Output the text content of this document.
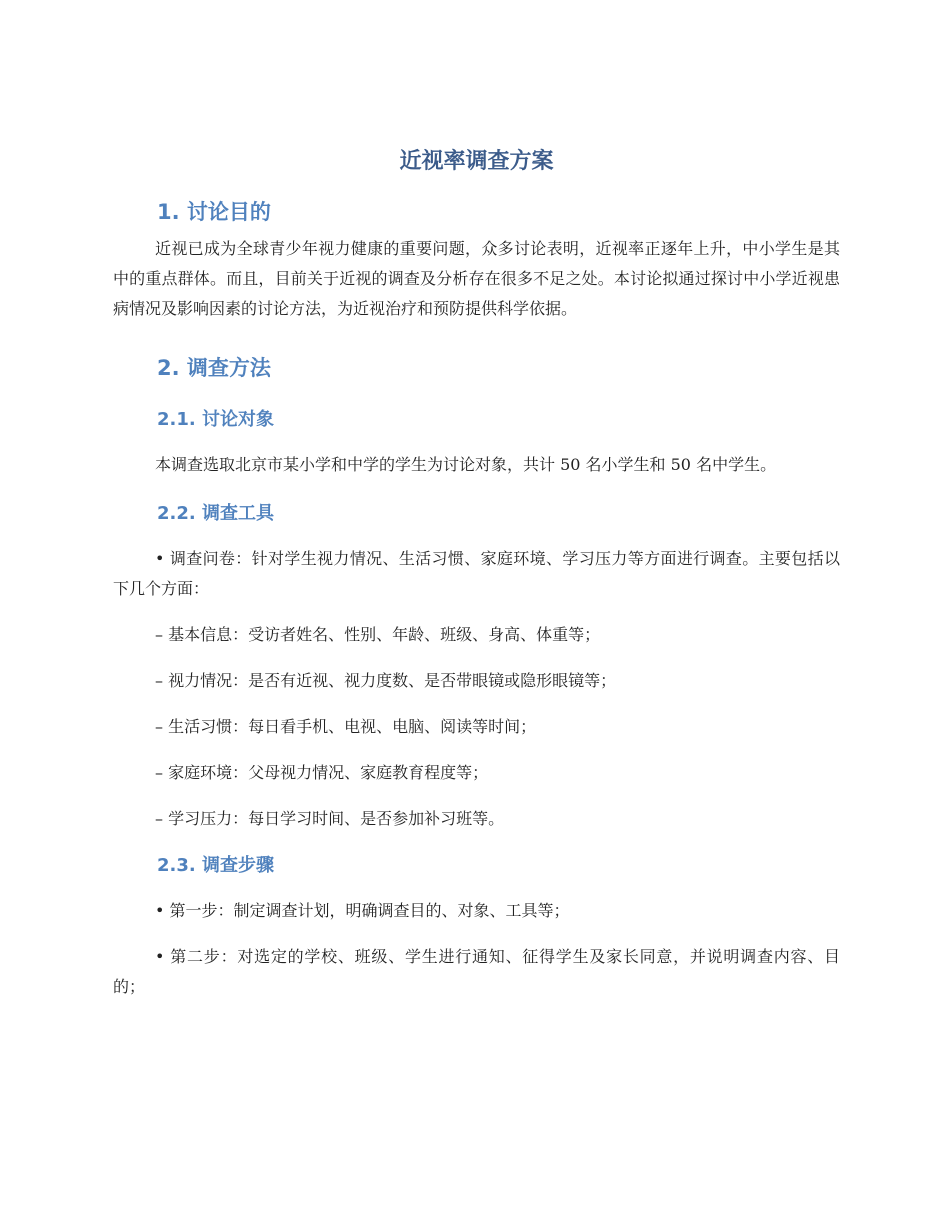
近视率调查方案
1. 讨论目的

近视已成为全球青少年视力健康的重要问题，众多讨论表明，近视率正逐年上升，中小学生是其中的重点群体。而且，目前关于近视的调查及分析存在很多不足之处。本讨论拟通过探讨中小学近视患病情况及影响因素的讨论方法，为近视治疗和预防提供科学依据。

2. 调查方法
2.1. 讨论对象

本调查选取北京市某小学和中学的学生为讨论对象，共计 50 名小学生和 50 名中学生。

2.2. 调查工具

• 调查问卷：针对学生视力情况、生活习惯、家庭环境、学习压力等方面进行调查。主要包括以下几个方面：

– 基本信息：受访者姓名、性别、年龄、班级、身高、体重等；
– 视力情况：是否有近视、视力度数、是否带眼镜或隐形眼镜等；
– 生活习惯：每日看手机、电视、电脑、阅读等时间；
– 家庭环境：父母视力情况、家庭教育程度等；
– 学习压力：每日学习时间、是否参加补习班等。
2.3. 调查步骤
• 第一步：制定调查计划，明确调查目的、对象、工具等；
• 第二步：对选定的学校、班级、学生进行通知、征得学生及家长同意，并说明调查内容、目的；
